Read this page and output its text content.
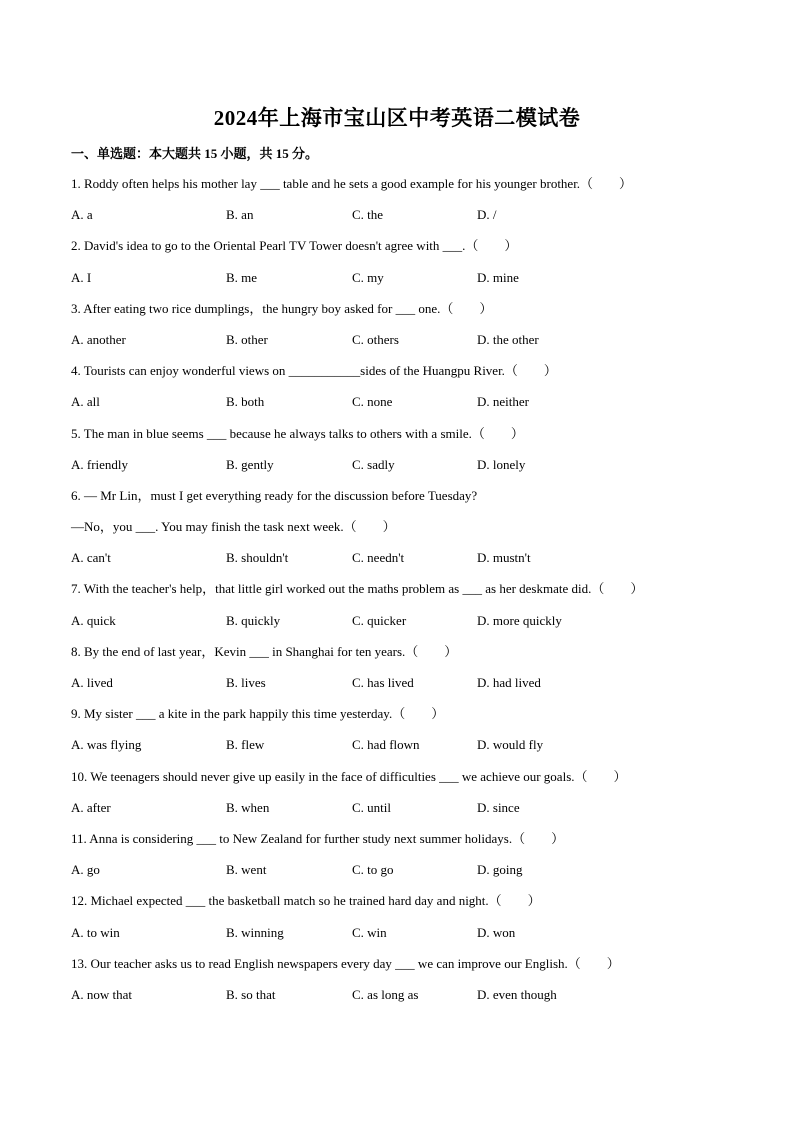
2024年上海市宝山区中考英语二模试卷
一、单选题：本大题共 15 小题，共 15 分。
1. Roddy often helps his mother lay ___ table and he sets a good example for his younger brother.（　　）
A. a	B. an	C. the	D. /
2. David's idea to go to the Oriental Pearl TV Tower doesn't agree with ___.（　　）
A. I	B. me	C. my	D. mine
3. After eating two rice dumplings，the hungry boy asked for ___ one.（　　）
A. another	B. other	C. others	D. the other
4. Tourists can enjoy wonderful views on ___________sides of the Huangpu River.（　　）
A. all	B. both	C. none	D. neither
5. The man in blue seems ___ because he always talks to others with a smile.（　　）
A. friendly	B. gently	C. sadly	D. lonely
6. — Mr Lin，must I get everything ready for the discussion before Tuesday?
—No，you ___. You may finish the task next week.（　　）
A. can't	B. shouldn't	C. needn't	D. mustn't
7. With the teacher's help，that little girl worked out the maths problem as ___ as her deskmate did.（　　）
A. quick	B. quickly	C. quicker	D. more quickly
8. By the end of last year，Kevin ___ in Shanghai for ten years.（　　）
A. lived	B. lives	C. has lived	D. had lived
9. My sister ___ a kite in the park happily this time yesterday.（　　）
A. was flying	B. flew	C. had flown	D. would fly
10. We teenagers should never give up easily in the face of difficulties ___ we achieve our goals.（　　）
A. after	B. when	C. until	D. since
11. Anna is considering ___ to New Zealand for further study next summer holidays.（　　）
A. go	B. went	C. to go	D. going
12. Michael expected ___ the basketball match so he trained hard day and night.（　　）
A. to win	B. winning	C. win	D. won
13. Our teacher asks us to read English newspapers every day ___ we can improve our English.（　　）
A. now that	B. so that	C. as long as	D. even though
